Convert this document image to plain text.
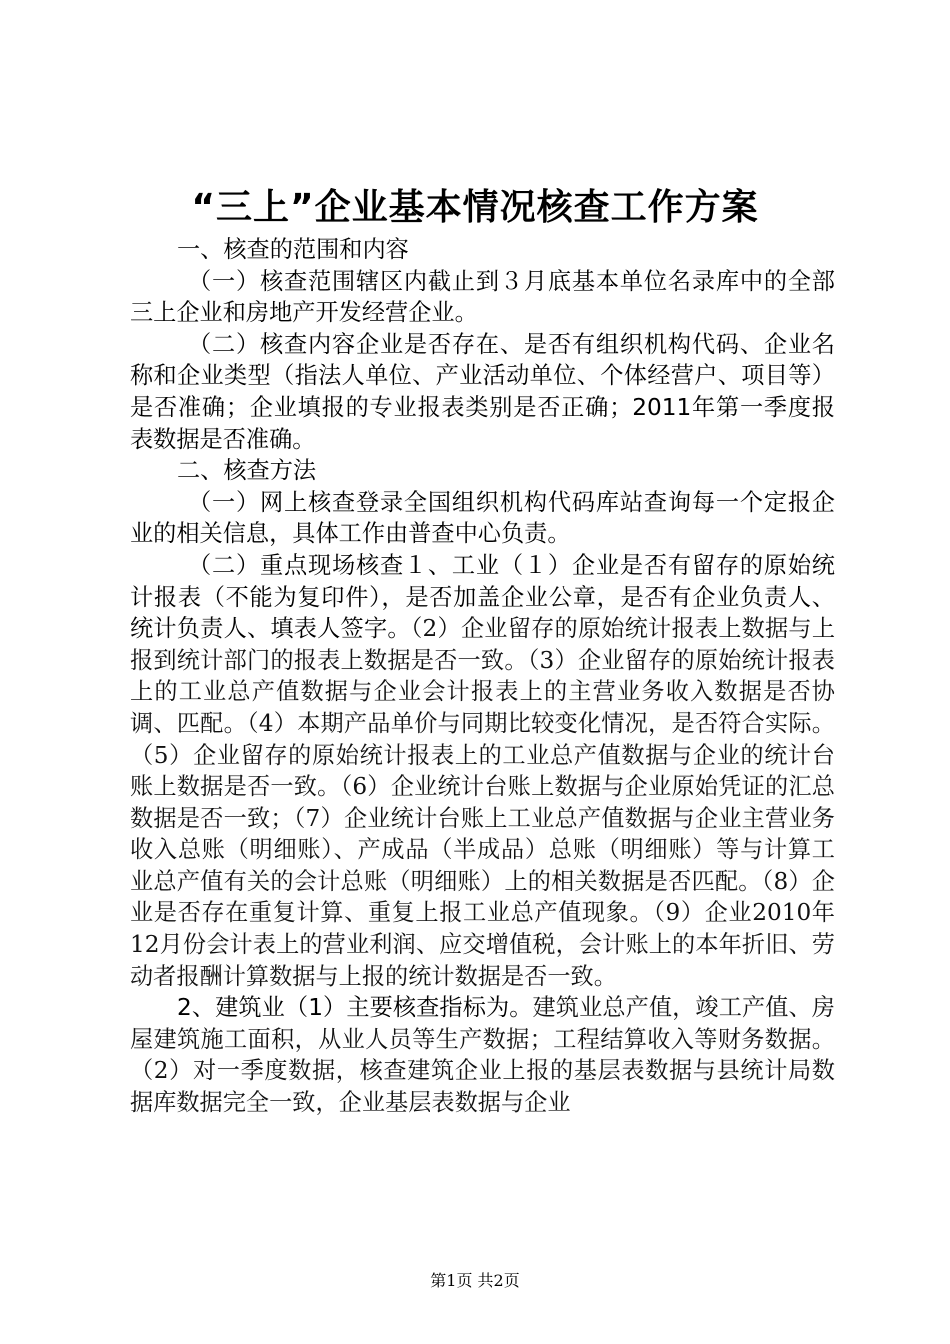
“三上”企业基本情况核查工作方案

一、核查的范围和内容

（一）核查范围辖区内截止到３月底基本单位名录库中的全部三上企业和房地产开发经营企业。

（二）核查内容企业是否存在、是否有组织机构代码、企业名称和企业类型（指法人单位、产业活动单位、个体经营户、项目等）是否准确；企业填报的专业报表类别是否正确；2011年第一季度报表数据是否准确。

二、核查方法

（一）网上核查登录全国组织机构代码库站查询每一个定报企业的相关信息，具体工作由普查中心负责。

（二）重点现场核查１、工业（１）企业是否有留存的原始统计报表（不能为复印件），是否加盖企业公章，是否有企业负责人、统计负责人、填表人签字。（2）企业留存的原始统计报表上数据与上报到统计部门的报表上数据是否一致。（3）企业留存的原始统计报表上的工业总产值数据与企业会计报表上的主营业务收入数据是否协调、匹配。（4）本期产品单价与同期比较变化情况，是否符合实际。（5）企业留存的原始统计报表上的工业总产值数据与企业的统计台账上数据是否一致。（6）企业统计台账上数据与企业原始凭证的汇总数据是否一致；（7）企业统计台账上工业总产值数据与企业主营业务收入总账（明细账）、产成品（半成品）总账（明细账）等与计算工业总产值有关的会计总账（明细账）上的相关数据是否匹配。（8）企业是否存在重复计算、重复上报工业总产值现象。（9）企业2010年12月份会计表上的营业利润、应交增值税，会计账上的本年折旧、劳动者报酬计算数据与上报的统计数据是否一致。

2、建筑业（1）主要核查指标为。建筑业总产值，竣工产值、房屋建筑施工面积，从业人员等生产数据；工程结算收入等财务数据。（2）对一季度数据，核查建筑企业上报的基层表数据与县统计局数据库数据完全一致，企业基层表数据与企业

第1页 共2页
